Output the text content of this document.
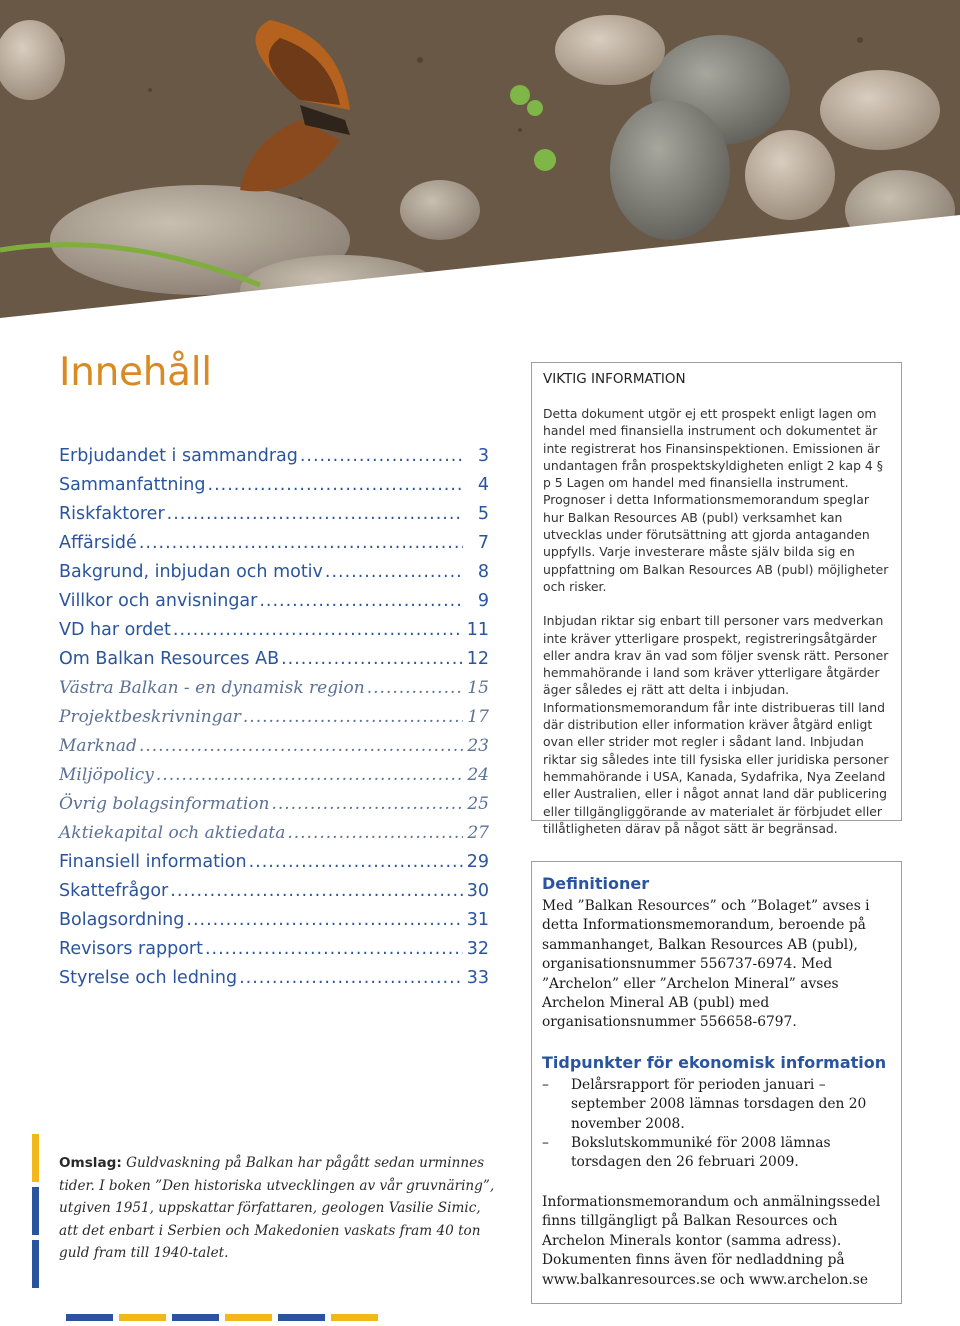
Innehåll
Erbjudandet i sammandrag .....	3
Sammanfattning .....	4
Riskfaktorer .....	5
Affärsidé .....	7
Bakgrund, inbjudan och motiv .....	8
Villkor och anvisningar .....	9
VD har ordet .....	11
Om Balkan Resources AB .....	12
Västra Balkan - en dynamisk region .....	15
Projektbeskrivningar .....	17
Marknad .....	23
Miljöpolicy .....	24
Övrig bolagsinformation .....	25
Aktiekapital och aktiedata .....	27
Finansiell information .....	29
Skattefrågor .....	30
Bolagsordning .....	31
Revisors rapport .....	32
Styrelse och ledning .....	33

Omslag: Guldvaskning på Balkan har pågått sedan urminnes tider. I boken ”Den historiska utvecklingen av vår gruvnäring”, utgiven 1951, uppskattar författaren, geologen Vasilie Simic, att det enbart i Serbien och Makedonien vaskats fram 40 ton guld fram till 1940-talet.

VIKTIG INFORMATION

Detta dokument utgör ej ett prospekt enligt lagen om handel med finansiella instrument och dokumentet är inte registrerat hos Finansinspektionen. Emissionen är undantagen från prospektskyldigheten enligt 2 kap 4 § p 5 Lagen om handel med finansiella instrument. Prognoser i detta Informationsmemorandum speglar hur Balkan Resources AB (publ) verksamhet kan utvecklas under förutsättning att gjorda antaganden uppfylls. Varje investerare måste själv bilda sig en uppfattning om Balkan Resources AB (publ) möjligheter och risker.

Inbjudan riktar sig enbart till personer vars medverkan inte kräver ytterligare prospekt, registreringsåtgärder eller andra krav än vad som följer svensk rätt. Personer hemmahörande i land som kräver ytterligare åtgärder äger således ej rätt att delta i inbjudan. Informationsmemorandum får inte distribueras till land där distribution eller information kräver åtgärd enligt ovan eller strider mot regler i sådant land. Inbjudan riktar sig således inte till fysiska eller juridiska personer hemmahörande i USA, Kanada, Sydafrika, Nya Zeeland eller Australien, eller i något annat land där publicering eller tillgängliggörande av materialet är förbjudet eller tillåtligheten därav på något sätt är begränsad.

Definitioner

Med ”Balkan Resources” och ”Bolaget” avses i detta Informationsmemorandum, beroende på sammanhanget, Balkan Resources AB (publ), organisationsnummer 556737-6974. Med ”Archelon” eller ”Archelon Mineral” avses Archelon Mineral AB (publ) med organisationsnummer 556658-6797.

Tidpunkter för ekonomisk information

–	Delårsrapport för perioden januari – september 2008 lämnas torsdagen den 20 november 2008.
–	Bokslutskommuniké för 2008 lämnas torsdagen den 26 februari 2009.

Informationsmemorandum och anmälningssedel finns tillgängligt på Balkan Resources och Archelon Minerals kontor (samma adress). Dokumenten finns även för nedladdning på www.balkanresources.se och www.archelon.se
